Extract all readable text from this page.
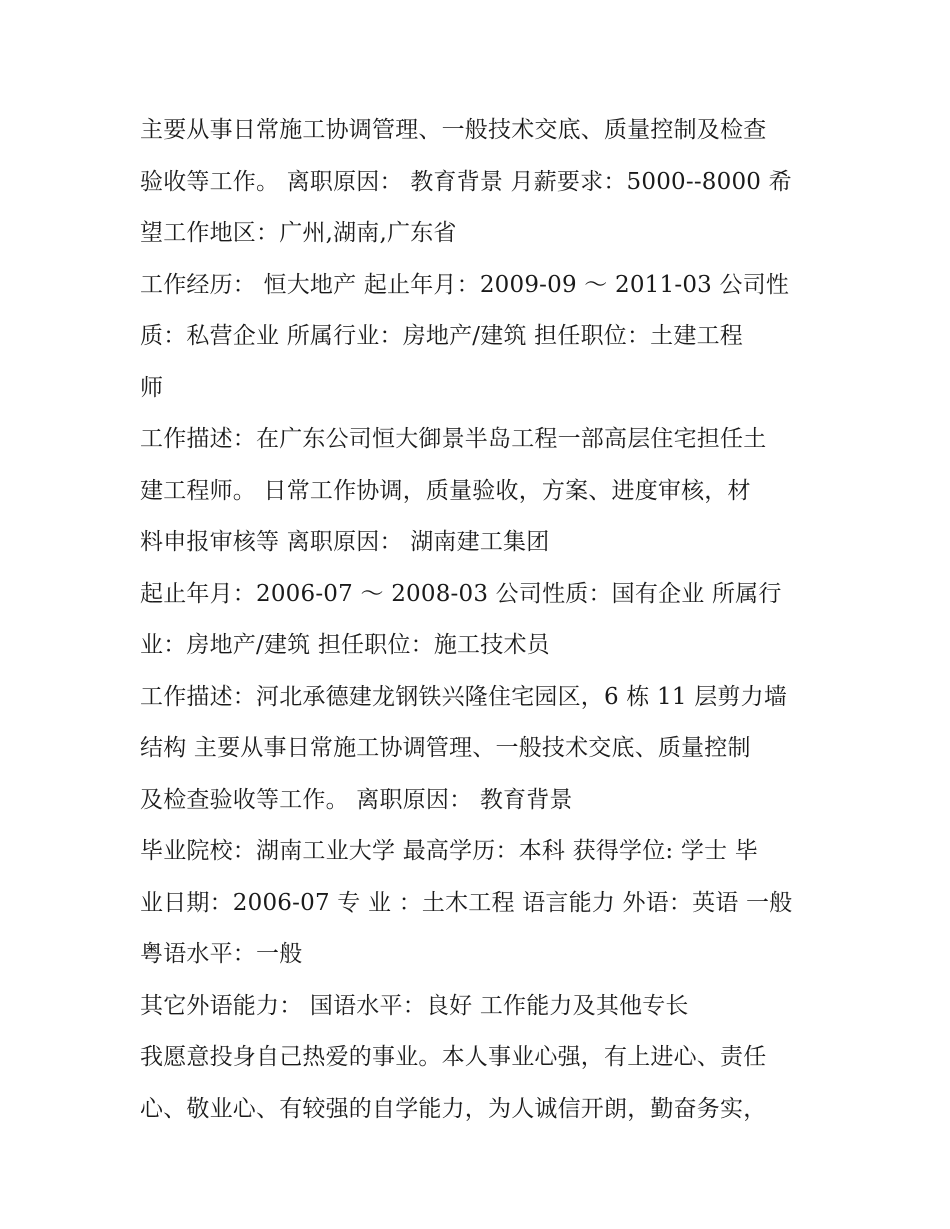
主要从事日常施工协调管理、一般技术交底、质量控制及检查
验收等工作。 离职原因： 教育背景 月薪要求：5000--8000 希
望工作地区：广州,湖南,广东省
工作经历： 恒大地产 起止年月：2009-09 ～ 2011-03 公司性
质：私营企业 所属行业：房地产/建筑 担任职位：土建工程
师
工作描述：在广东公司恒大御景半岛工程一部高层住宅担任土
建工程师。 日常工作协调，质量验收，方案、进度审核，材
料申报审核等 离职原因： 湖南建工集团
起止年月：2006-07 ～ 2008-03 公司性质：国有企业 所属行
业：房地产/建筑 担任职位：施工技术员
工作描述：河北承德建龙钢铁兴隆住宅园区，6 栋 11 层剪力墙
结构 主要从事日常施工协调管理、一般技术交底、质量控制
及检查验收等工作。 离职原因： 教育背景
毕业院校：湖南工业大学 最高学历：本科 获得学位: 学士 毕
业日期：2006-07 专 业 ：土木工程 语言能力 外语：英语 一般
粤语水平：一般
其它外语能力： 国语水平：良好 工作能力及其他专长
我愿意投身自己热爱的事业。本人事业心强，有上进心、责任
心、敬业心、有较强的自学能力，为人诚信开朗，勤奋务实，
